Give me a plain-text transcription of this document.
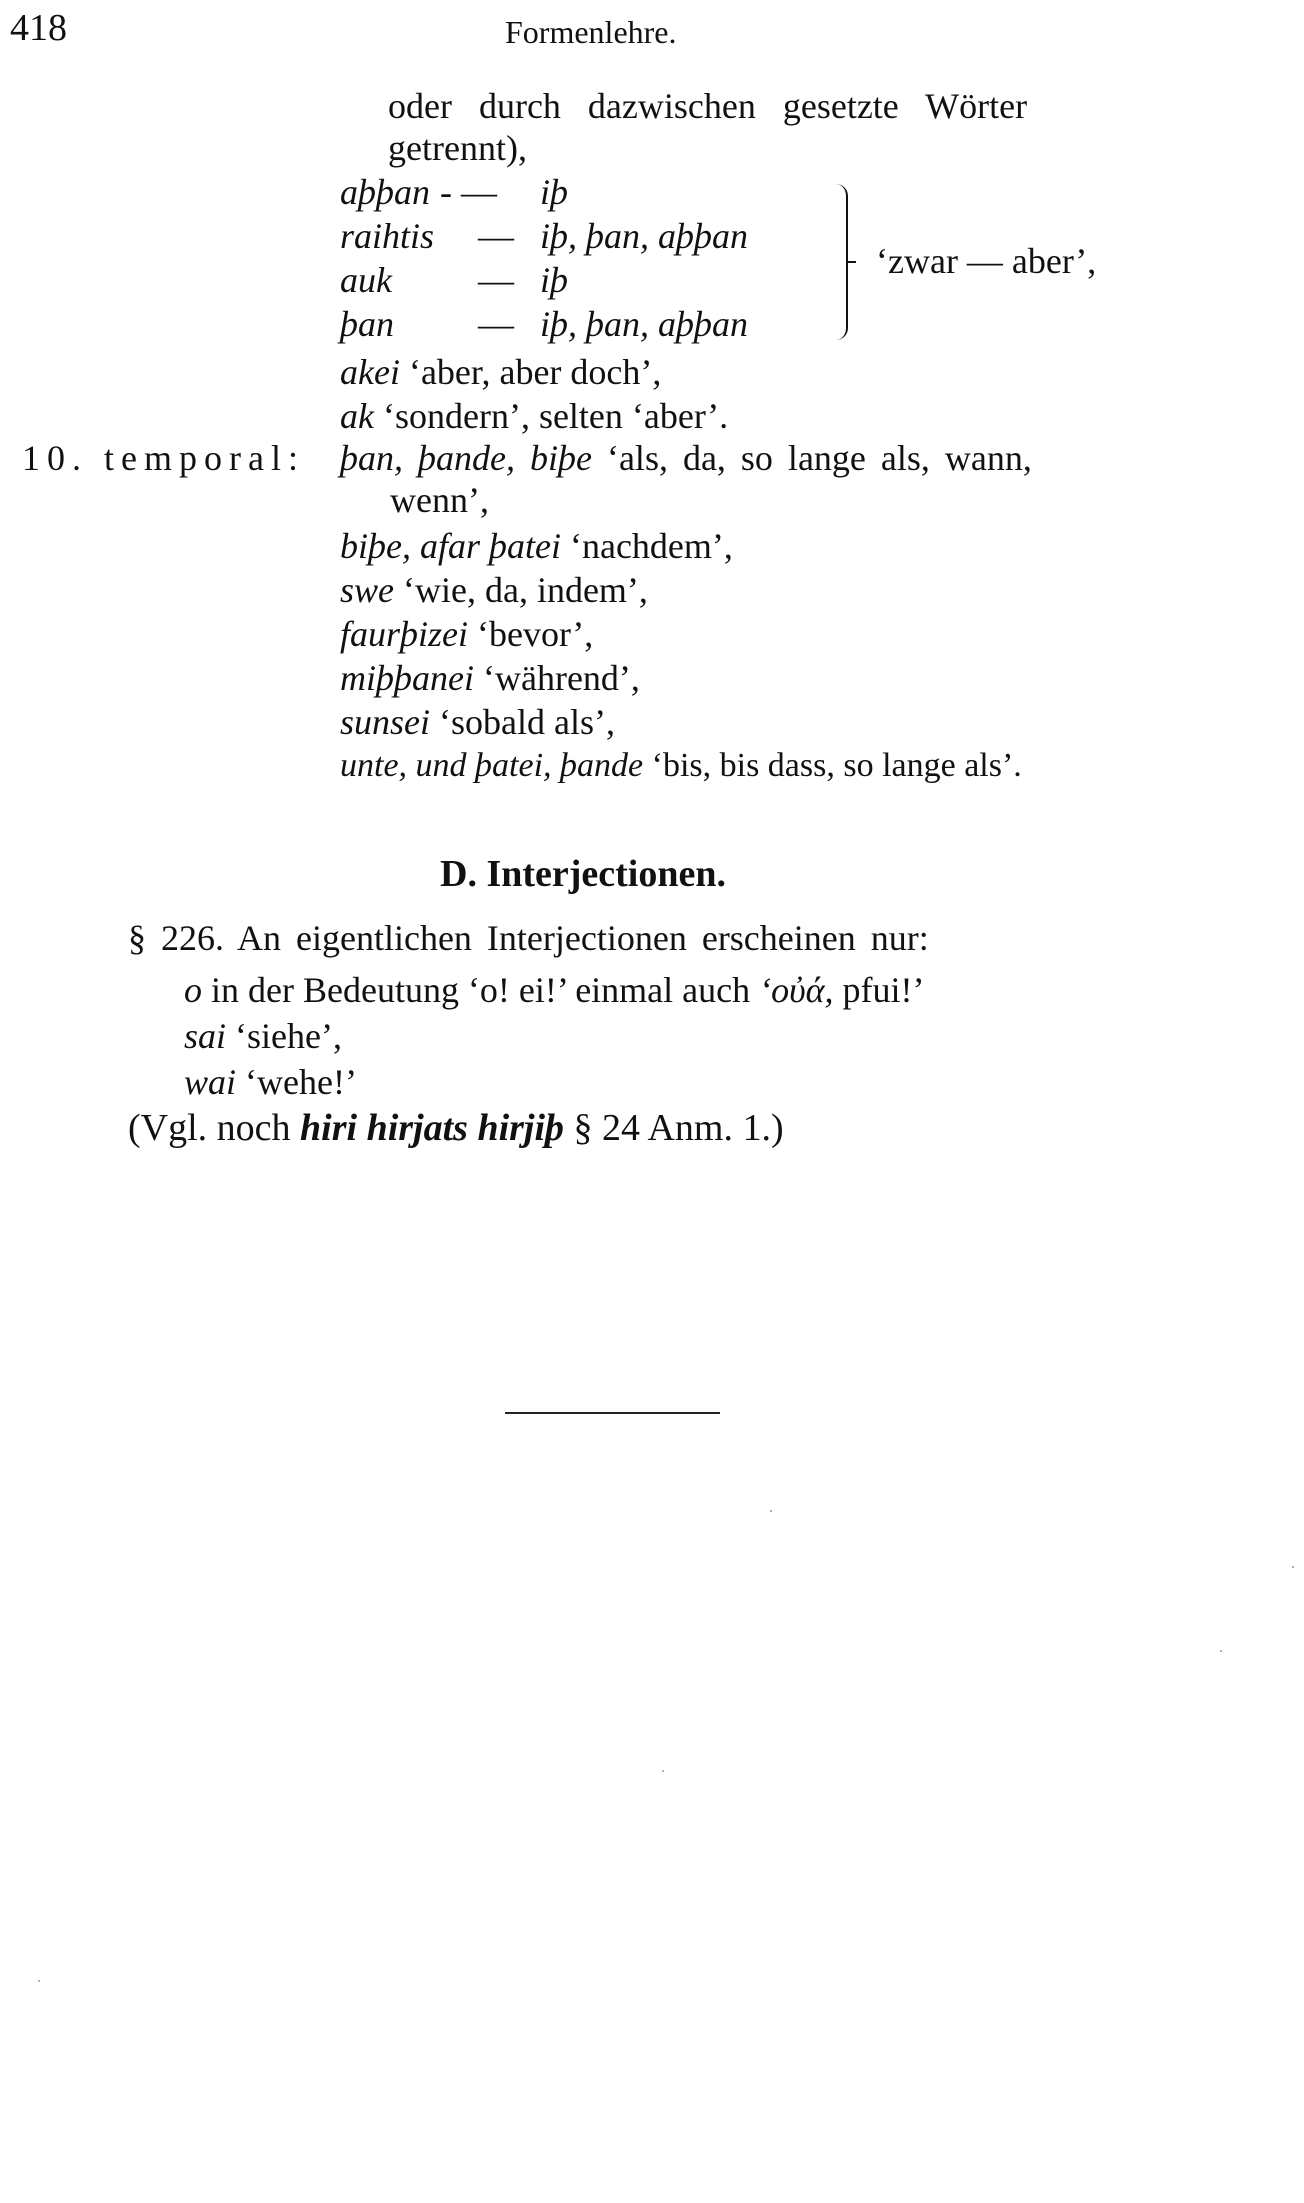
418	Formenlehre.
oder durch dazwischen gesetzte Wörter
getrennt),
aþþan - — iþ
raihtis — iþ, þan, aþþan
auk — iþ
þan — iþ, þan, aþþan
‘zwar — aber’,
akei ‘aber, aber doch’,
ak ‘sondern’, selten ‘aber’.
10. temporal: þan, þande, biþe ‘als, da, so lange als, wann,
wenn’,
biþe, afar þatei ‘nachdem’,
swe ‘wie, da, indem’,
faurþizei ‘bevor’,
miþþanei ‘während’,
sunsei ‘sobald als’,
unte, und þatei, þande ‘bis, bis dass, so lange als’.
D. Interjectionen.
§ 226. An eigentlichen Interjectionen erscheinen nur:
o in der Bedeutung ‘o! ei!’ einmal auch ‘οὐά, pfui!’
sai ‘siehe’,
wai ‘wehe!’
(Vgl. noch hiri hirjats hirjiþ § 24 Anm. 1.)
